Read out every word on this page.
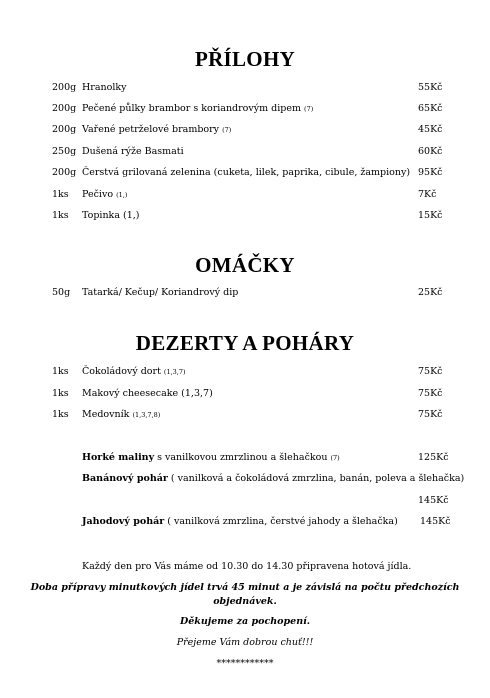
PŘÍLOHY
200g Hranolky	55Kč
200g Pečené půlky brambor s koriandrovým dipem (7)	65Kč
200g Vařené petrželové brambory (7)	45Kč
250g Dušená rýže Basmati	60Kč
200g Čerstvá grilovaná zelenina (cuketa, lilek, paprika, cibule, žampiony) 95Kč
1ks Pečivo (1,)	7Kč
1ks Topinka (1,)	15Kč
OMÁČKY
50g Tatarká/ Kečup/ Koriandrový dip	25Kč
DEZERTY A POHÁRY
1ks Čokoládový dort (1,3,7)	75Kč
1ks Makový cheesecake (1,3,7)	75Kč
1ks Medovník (1,3,7,8)	75Kč
Horké maliny s vanilkovou zmrzlinou a šlehačkou (7)	125Kč
Banánový pohár ( vanilková a čokoládová zmrzlina, banán, poleva a šlehačka)
145Kč
Jahodový pohár ( vanilková zmrzlina, čerstvé jahody a šlehačka) 145Kč
Každý den pro Vás máme od 10.30 do 14.30 připravena hotová jídla.
Doba přípravy minutkových jídel trvá 45 minut a je závislá na počtu předchozích
objednávek.
Děkujeme za pochopení.
Přejeme Vám dobrou chuť!!!
************
